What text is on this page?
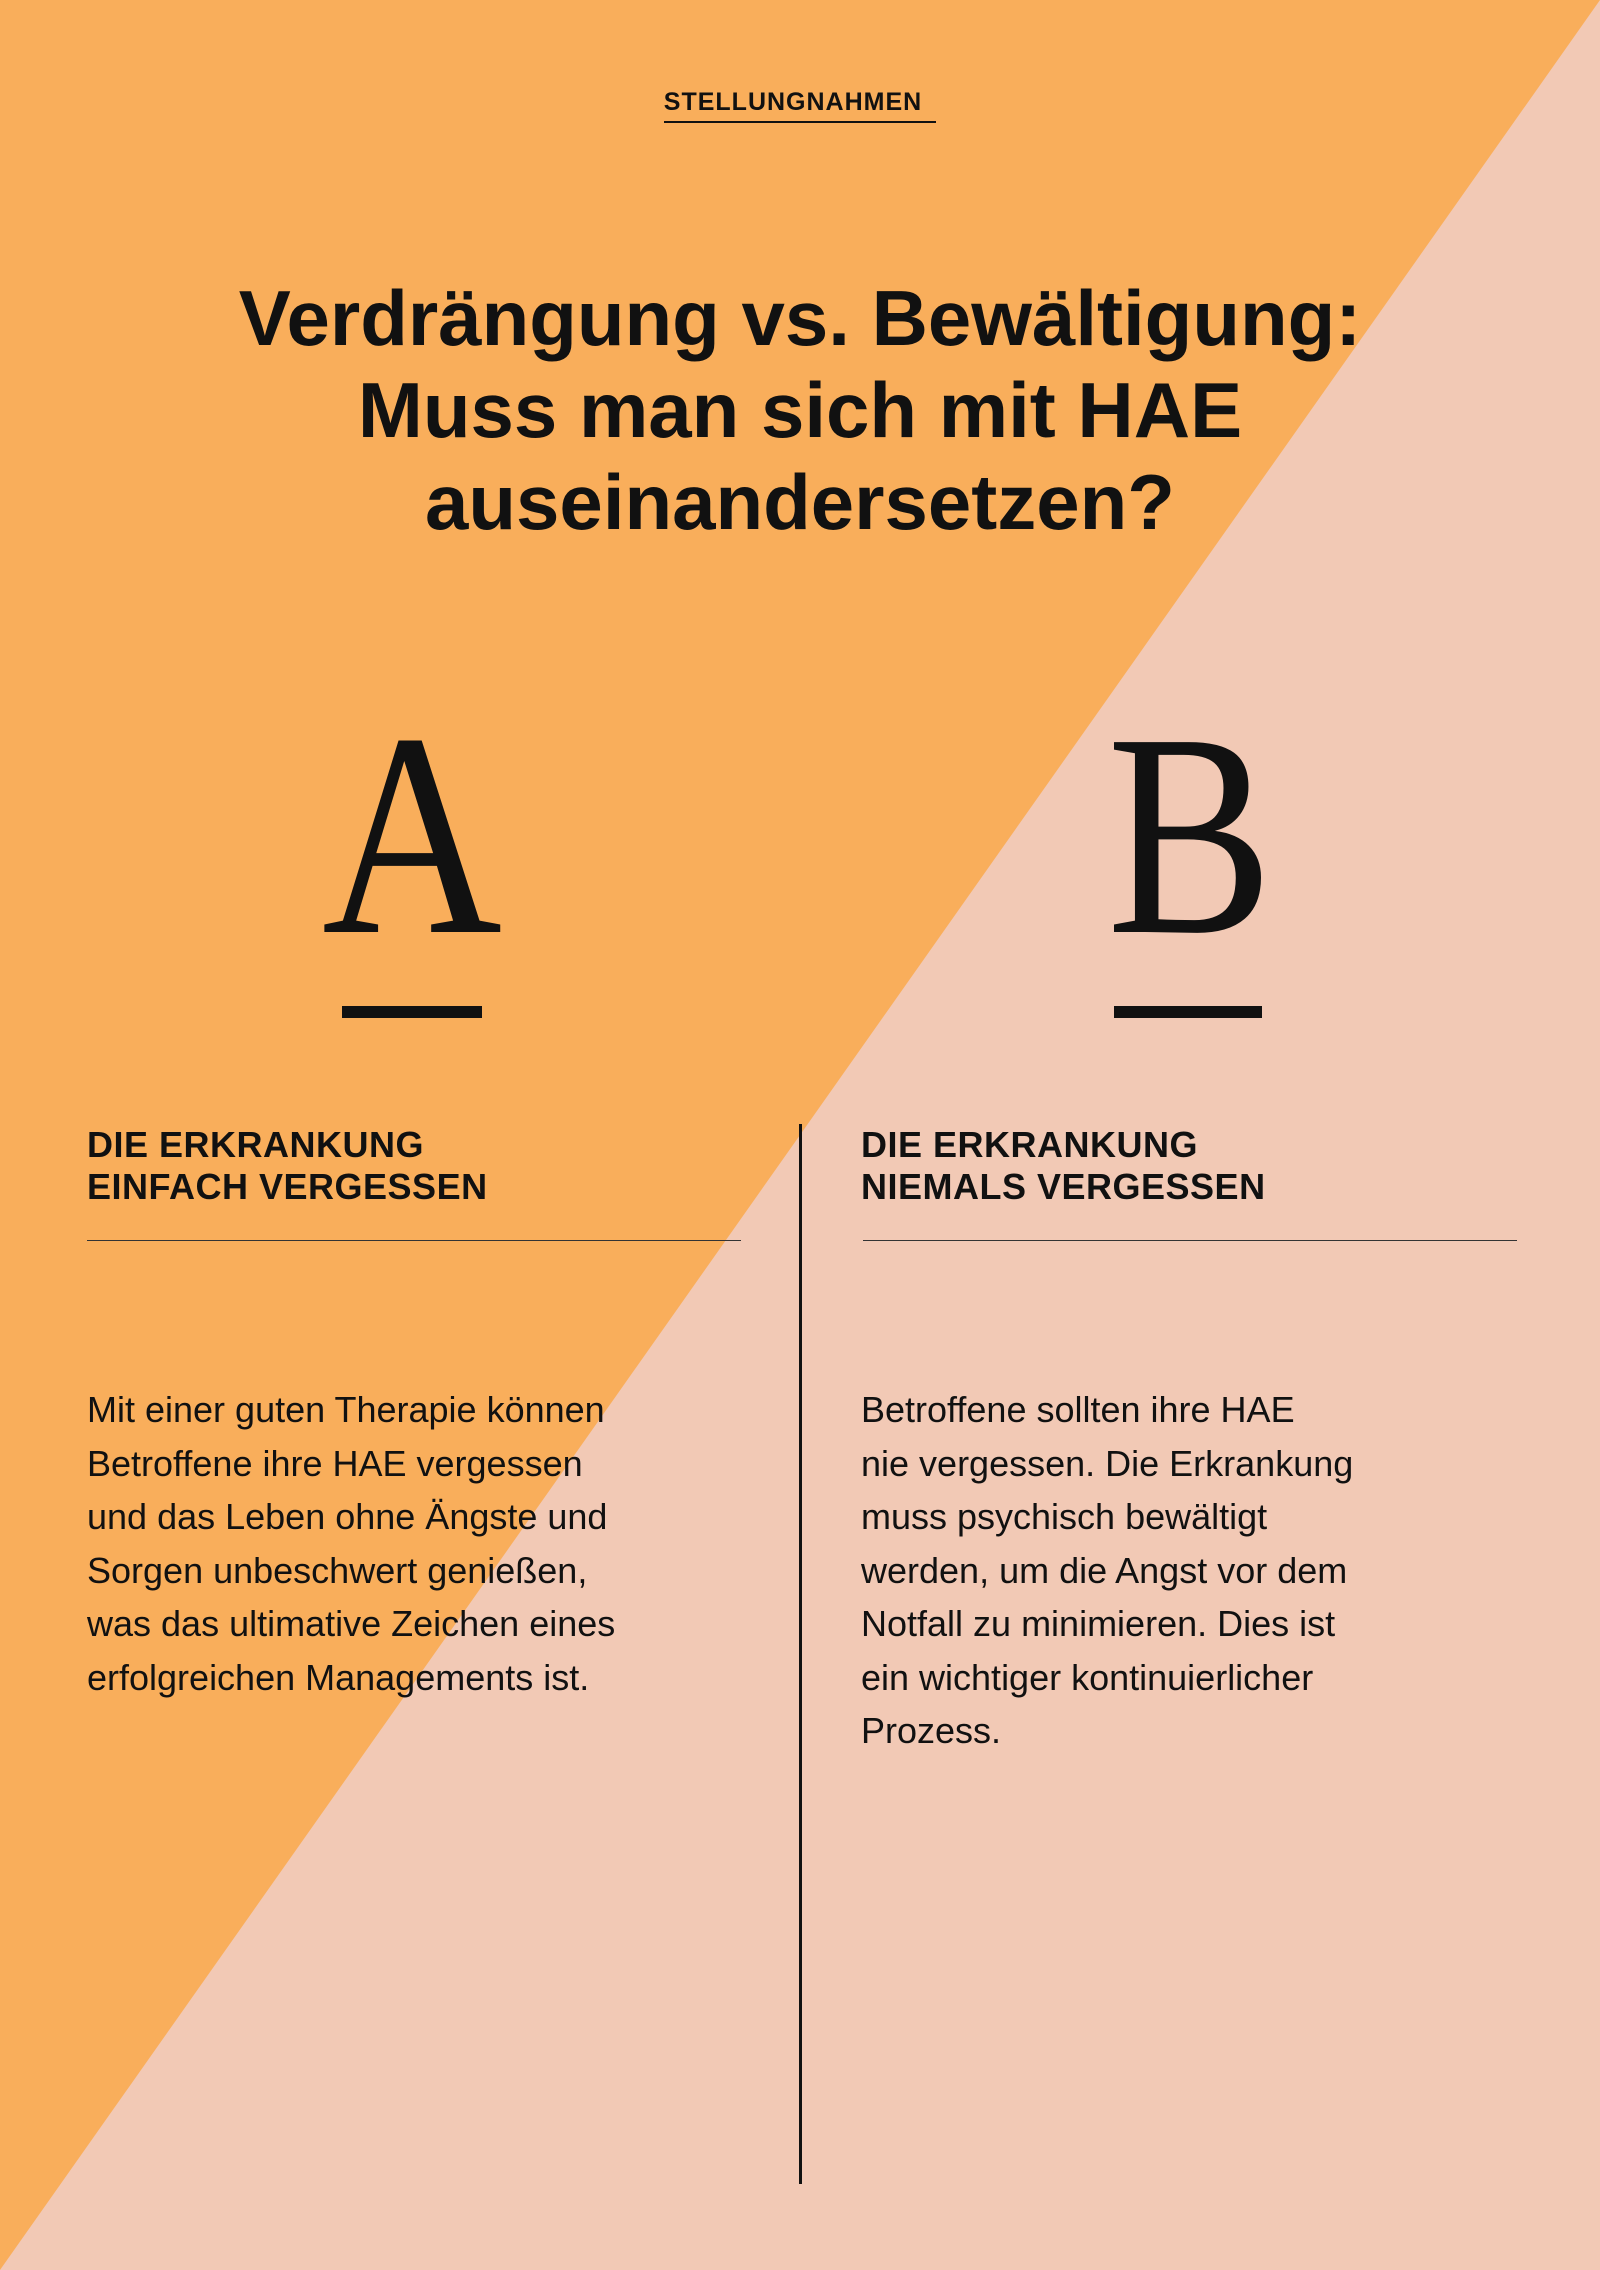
STELLUNGNAHMEN
Verdrängung vs. Bewältigung:
Muss man sich mit HAE
auseinandersetzen?
A B
DIE ERKRANKUNG
EINFACH VERGESSEN
DIE ERKRANKUNG
NIEMALS VERGESSEN

Mit einer guten Therapie können
Betroffene ihre HAE vergessen
und das Leben ohne Ängste und
Sorgen unbeschwert genießen,
was das ultimative Zeichen eines
erfolgreichen Managements ist.

Betroffene sollten ihre HAE
nie vergessen. Die Erkrankung
muss psychisch bewältigt
werden, um die Angst vor dem
Notfall zu minimieren. Dies ist
ein wichtiger kontinuierlicher
Prozess.
